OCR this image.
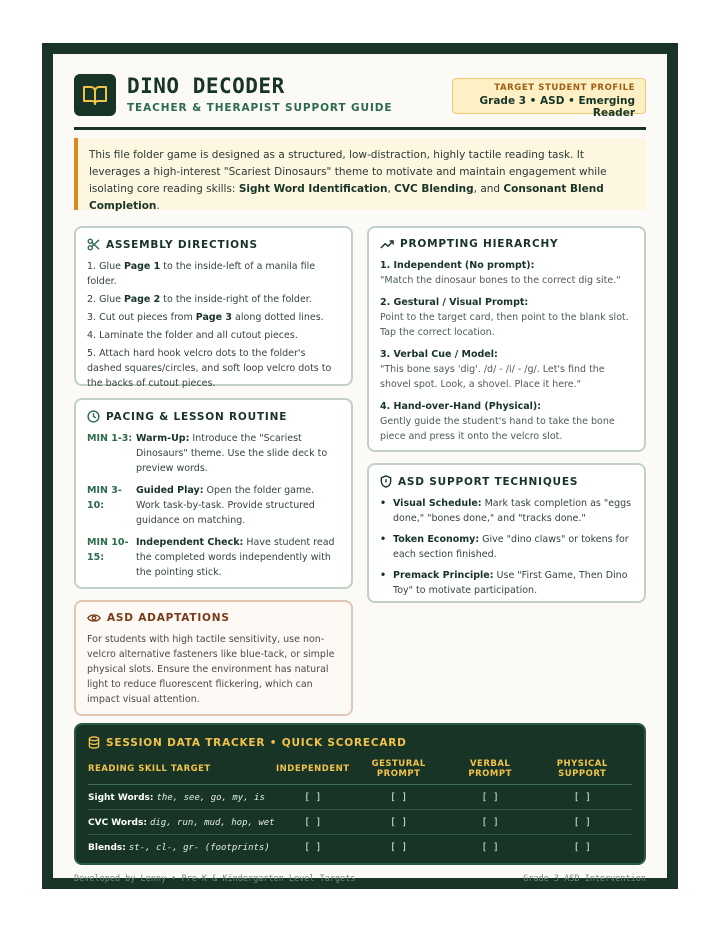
DINO DECODER
TEACHER & THERAPIST SUPPORT GUIDE
TARGET STUDENT PROFILE
Grade 3 • ASD • Emerging Reader
This file folder game is designed as a structured, low-distraction, highly tactile reading task. It leverages a high-interest "Scariest Dinosaurs" theme to motivate and maintain engagement while isolating core reading skills: Sight Word Identification, CVC Blending, and Consonant Blend Completion.
ASSEMBLY DIRECTIONS
1. Glue Page 1 to the inside-left of a manila file folder.
2. Glue Page 2 to the inside-right of the folder.
3. Cut out pieces from Page 3 along dotted lines.
4. Laminate the folder and all cutout pieces.
5. Attach hard hook velcro dots to the folder's dashed squares/circles, and soft loop velcro dots to the backs of cutout pieces.
PACING & LESSON ROUTINE
MIN 1-3: Warm-Up: Introduce the "Scariest Dinosaurs" theme. Use the slide deck to preview words.
MIN 3-10:
Guided Play: Open the folder game. Work task-by-task. Provide structured guidance on matching.
MIN 10-15:
Independent Check: Have student read the completed words independently with the pointing stick.
ASD ADAPTATIONS
For students with high tactile sensitivity, use non-velcro alternative fasteners like blue-tack, or simple physical slots. Ensure the environment has natural light to reduce fluorescent flickering, which can impact visual attention.
PROMPTING HIERARCHY
1. Independent (No prompt):
"Match the dinosaur bones to the correct dig site."
2. Gestural / Visual Prompt:
Point to the target card, then point to the blank slot. Tap the correct location.
3. Verbal Cue / Model:
"This bone says 'dig'. /d/ - /i/ - /g/. Let's find the shovel spot. Look, a shovel. Place it here."
4. Hand-over-Hand (Physical):
Gently guide the student's hand to take the bone piece and press it onto the velcro slot.
ASD SUPPORT TECHNIQUES
• Visual Schedule: Mark task completion as "eggs done," "bones done," and "tracks done."
• Token Economy: Give "dino claws" or tokens for each section finished.
• Premack Principle: Use "First Game, Then Dino Toy" to motivate participation.
SESSION DATA TRACKER • QUICK SCORECARD
READING SKILL TARGET	INDEPENDENT	GESTURAL PROMPT	VERBAL PROMPT	PHYSICAL SUPPORT
Sight Words: the, see, go, my, is	[ ]	[ ]	[ ]	[ ]
CVC Words: dig, run, mud, hop, wet	[ ]	[ ]	[ ]	[ ]
Blends: st-, cl-, gr- (footprints)	[ ]	[ ]	[ ]	[ ]
Developed by Lenny • Pre-K & Kindergarten Level Targets	Grade 3 ASD Intervention
